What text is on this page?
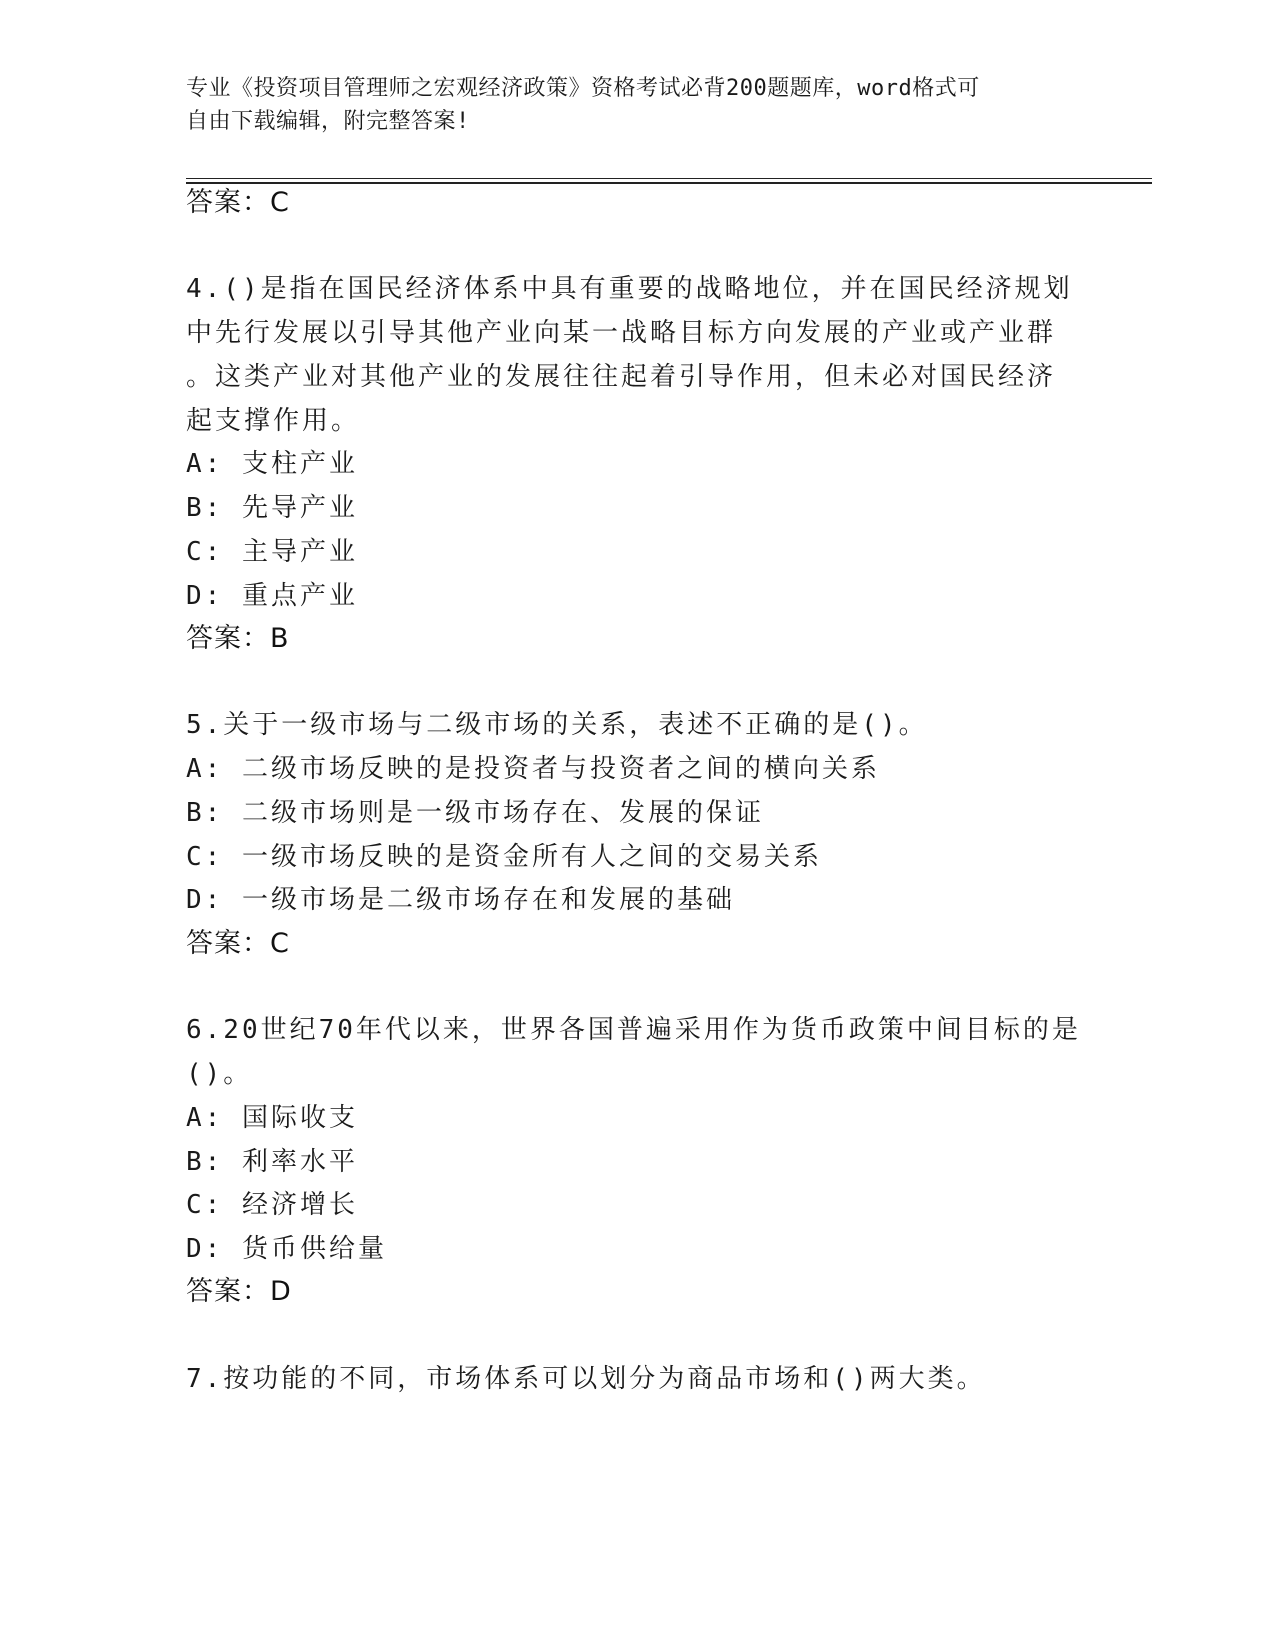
专业《投资项目管理师之宏观经济政策》资格考试必背200题题库，word格式可
自由下载编辑，附完整答案!
答案：C
4.()是指在国民经济体系中具有重要的战略地位，并在国民经济规划
中先行发展以引导其他产业向某一战略目标方向发展的产业或产业群
。这类产业对其他产业的发展往往起着引导作用，但未必对国民经济
起支撑作用。
A: 支柱产业
B: 先导产业
C: 主导产业
D: 重点产业
答案：B
5.关于一级市场与二级市场的关系，表述不正确的是()。
A: 二级市场反映的是投资者与投资者之间的横向关系
B: 二级市场则是一级市场存在、发展的保证
C: 一级市场反映的是资金所有人之间的交易关系
D: 一级市场是二级市场存在和发展的基础
答案：C
6.20世纪70年代以来，世界各国普遍采用作为货币政策中间目标的是
()。
A: 国际收支
B: 利率水平
C: 经济增长
D: 货币供给量
答案：D
7.按功能的不同，市场体系可以划分为商品市场和()两大类。
